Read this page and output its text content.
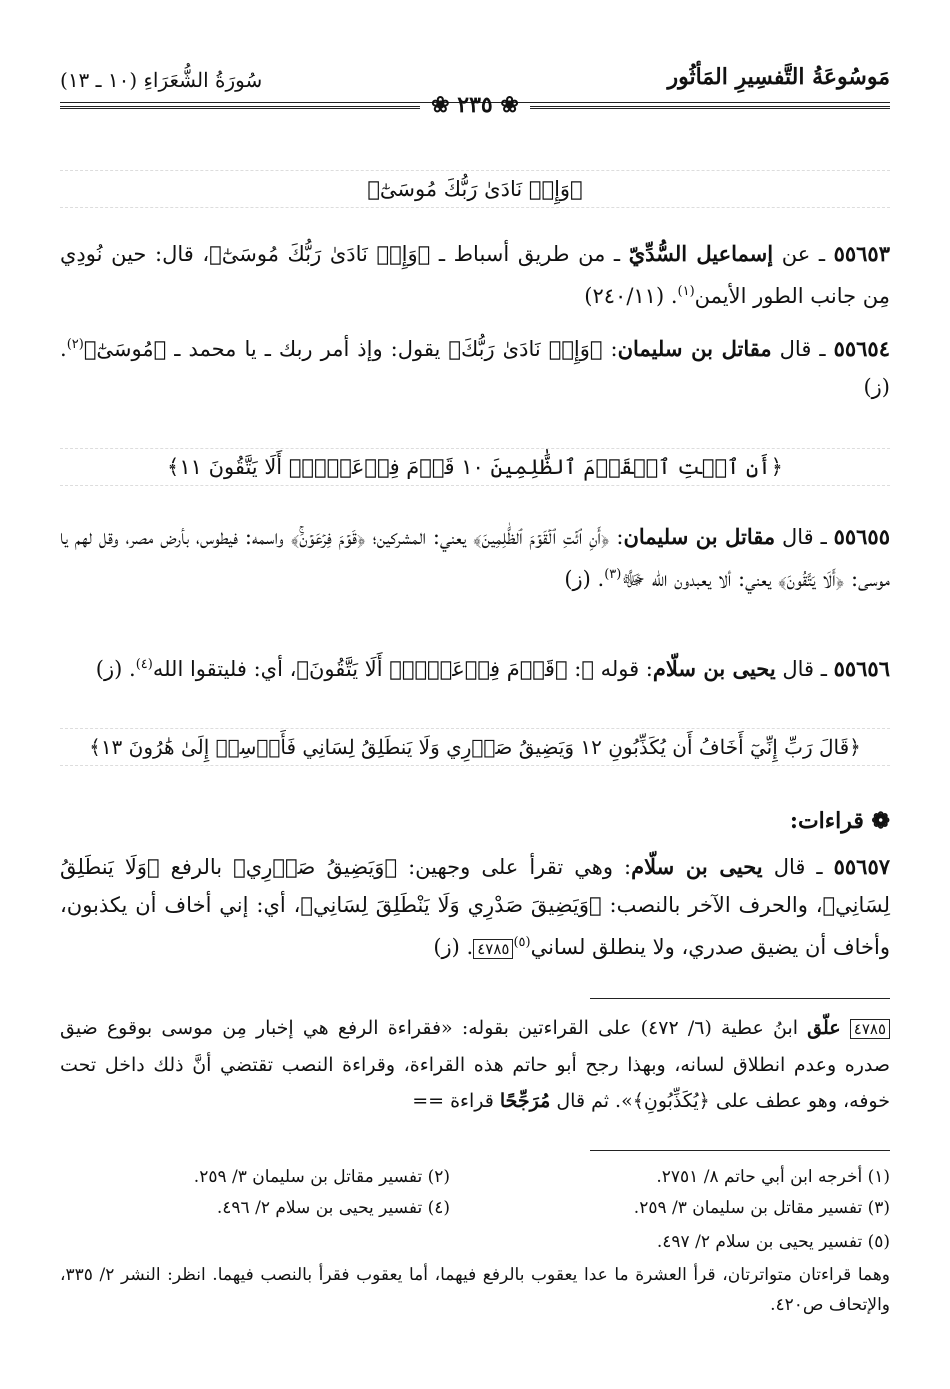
مَوسُوعَةُ التَّفسِيرِ المَأثُور
سُورَةُ الشُّعَرَاءِ (١٠ ـ ١٣)
❀ ٢٣٥ ❀
﴿وَإِذۡ نَادَىٰ رَبُّكَ مُوسَىٰٓ﴾
٥٥٦٥٣ ـ عن إسماعيل السُّدِّيّ ـ من طريق أسباط ـ ﴿وَإِذۡ نَادَىٰ رَبُّكَ مُوسَىٰٓ﴾، قال: حين نُودِي مِن جانب الطور الأيمن$^{(١)}$. (٢٤٠/١١)
٥٥٦٥٤ ـ قال مقاتل بن سليمان: ﴿وَإِذۡ نَادَىٰ رَبُّكَ﴾ يقول: وإذ أمر ربك ـ يا محمد ـ ﴿مُوسَىٰٓ﴾$^{(٢)}$. (ز)
﴿أَنِ ٱئۡتِ ٱلۡقَوۡمَ ٱلظَّٰلِمِينَ ١٠ قَوۡمَ فِرۡعَوۡنَۚ أَلَا يَتَّقُونَ ١١﴾
٥٥٦٥٥ ـ قال مقاتل بن سليمان: ﴿أَنِ ٱئۡتِ ٱلۡقَوۡمَ ٱلظَّٰلِمِينَ﴾ يعني: المشركين؛ ﴿قَوۡمَ فِرۡعَوۡنَۚ﴾ واسمه: فيطوس، بأرض مصر، وقل لهم يا موسى: ﴿أَلَا يَتَّقُونَ﴾ يعني: ألا يعبدون الله ﷻ$^{(٣)}$. (ز)
٥٥٦٥٦ ـ قال يحيى بن سلّام: قوله ﷻ: ﴿قَوۡمَ فِرۡعَوۡنَۚ أَلَا يَتَّقُونَ﴾، أي: فليتقوا الله$^{(٤)}$. (ز)
﴿قَالَ رَبِّ إِنِّيٓ أَخَافُ أَن يُكَذِّبُونِ ١٢ وَيَضِيقُ صَدۡرِي وَلَا يَنطَلِقُ لِسَانِي فَأَرۡسِلۡ إِلَىٰ هَٰرُونَ ١٣﴾
❁ قراءات:
٥٥٦٥٧ ـ قال يحيى بن سلّام: وهي تقرأ على وجهين: ﴿وَيَضِيقُ صَدۡرِي﴾ بالرفع ﴿وَلَا يَنطَلِقُ لِسَانِي﴾، والحرف الآخر بالنصب: ﴿وَيَضِيقَ صَدْرِي وَلَا يَنْطَلِقَ لِسَانِي﴾، أي: إني أخاف أن يكذبون، وأخاف أن يضيق صدري، ولا ينطلق لساني$^{(٥)}$٤٧٨٥. (ز)
٤٧٨٥ علّق ابنُ عطية (٦/ ٤٧٢) على القراءتين بقوله: «فقراءة الرفع هي إخبار مِن موسى بوقوع ضيق صدره وعدم انطلاق لسانه، وبهذا رجح أبو حاتم هذه القراءة، وقراءة النصب تقتضي أنَّ ذلك داخل تحت خوفه، وهو عطف على ﴿يُكَذِّبُونِ﴾». ثم قال مُرَجِّحًا قراءة ==
(١) أخرجه ابن أبي حاتم ٨/ ٢٧٥١.
(٢) تفسير مقاتل بن سليمان ٣/ ٢٥٩.
(٣) تفسير مقاتل بن سليمان ٣/ ٢٥٩.
(٤) تفسير يحيى بن سلام ٢/ ٤٩٦.
(٥) تفسير يحيى بن سلام ٢/ ٤٩٧.
وهما قراءتان متواترتان، قرأ العشرة ما عدا يعقوب بالرفع فيهما، أما يعقوب فقرأ بالنصب فيهما. انظر: النشر ٢/ ٣٣٥، والإتحاف ص٤٢٠.
